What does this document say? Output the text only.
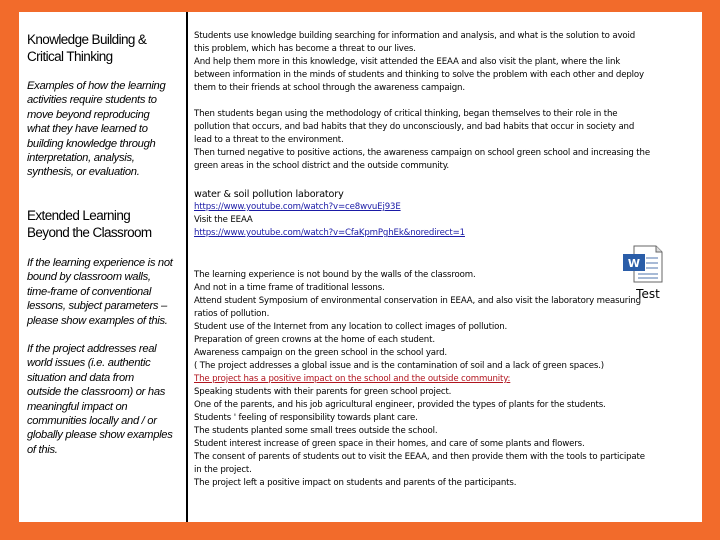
Knowledge Building &
Critical Thinking
Examples of how the learning
activities require students to
move beyond reproducing
what they have learned to
building knowledge through
interpretation, analysis,
synthesis, or evaluation.
Extended Learning
Beyond the Classroom
If the learning experience is not
bound by classroom walls,
time-frame of conventional
lessons, subject parameters –
please show examples of this.
If the project addresses real
world issues (i.e. authentic
situation and data from
outside the classroom) or has
meaningful impact on
communities locally and / or
globally please show examples
of this.
Students use knowledge building searching for information and analysis, and what is the solution to avoid
this problem, which has become a threat to our lives.
And help them more in this knowledge, visit attended the EEAA and also visit the plant, where the link
between information in the minds of students and thinking to solve the problem with each other and deploy
them to their friends at school through the awareness campaign.
Then students began using the methodology of critical thinking, began themselves to their role in the
pollution that occurs, and bad habits that they do unconsciously, and bad habits that occur in society and
lead to a threat to the environment.
Then turned negative to positive actions, the awareness campaign on school green school and increasing the
green areas in the school district and the outside community.
water & soil pollution laboratory
https://www.youtube.com/watch?v=ce8wvuEj93E
Visit the EEAA
https://www.youtube.com/watch?v=CfaKpmPghEk&noredirect=1
W
Test
The learning experience is not bound by the walls of the classroom.
And not in a time frame of traditional lessons.
Attend student Symposium of environmental conservation in EEAA, and also visit the laboratory measuring
ratios of pollution.
Student use of the Internet from any location to collect images of pollution.
Preparation of green crowns at the home of each student.
Awareness campaign on the green school in the school yard.
( The project addresses a global issue and is the contamination of soil and a lack of green spaces.)
The project has a positive impact on the school and the outside community:
Speaking students with their parents for green school project.
One of the parents, and his job agricultural engineer, provided the types of plants for the students.
Students ' feeling of responsibility towards plant care.
The students planted some small trees outside the school.
Student interest increase of green space in their homes, and care of some plants and flowers.
The consent of parents of students out to visit the EEAA, and then provide them with the tools to participate
in the project.
The project left a positive impact on students and parents of the participants.
